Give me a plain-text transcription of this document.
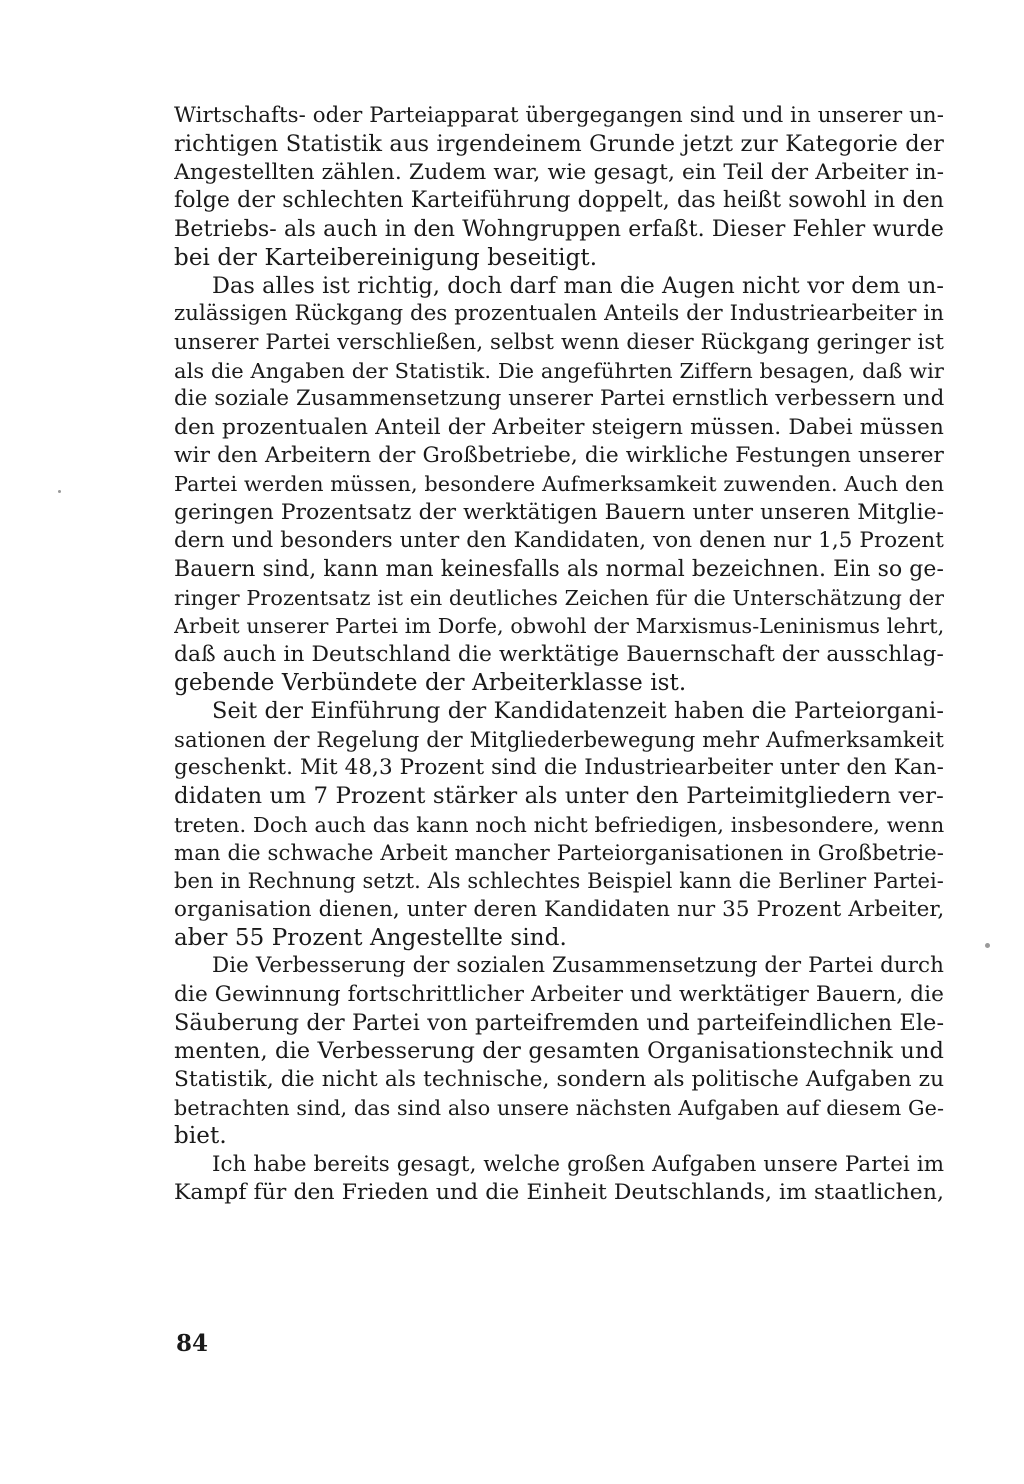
Wirtschafts- oder Parteiapparat übergegangen sind und in unserer un-
richtigen Statistik aus irgendeinem Grunde jetzt zur Kategorie der
Angestellten zählen. Zudem war, wie gesagt, ein Teil der Arbeiter in-
folge der schlechten Karteiführung doppelt, das heißt sowohl in den
Betriebs- als auch in den Wohngruppen erfaßt. Dieser Fehler wurde
bei der Karteibereinigung beseitigt.
Das alles ist richtig, doch darf man die Augen nicht vor dem un-
zulässigen Rückgang des prozentualen Anteils der Industriearbeiter in
unserer Partei verschließen, selbst wenn dieser Rückgang geringer ist
als die Angaben der Statistik. Die angeführten Ziffern besagen, daß wir
die soziale Zusammensetzung unserer Partei ernstlich verbessern und
den prozentualen Anteil der Arbeiter steigern müssen. Dabei müssen
wir den Arbeitern der Großbetriebe, die wirkliche Festungen unserer
Partei werden müssen, besondere Aufmerksamkeit zuwenden. Auch den
geringen Prozentsatz der werktätigen Bauern unter unseren Mitglie-
dern und besonders unter den Kandidaten, von denen nur 1,5 Prozent
Bauern sind, kann man keinesfalls als normal bezeichnen. Ein so ge-
ringer Prozentsatz ist ein deutliches Zeichen für die Unterschätzung der
Arbeit unserer Partei im Dorfe, obwohl der Marxismus-Leninismus lehrt,
daß auch in Deutschland die werktätige Bauernschaft der ausschlag-
gebende Verbündete der Arbeiterklasse ist.
Seit der Einführung der Kandidatenzeit haben die Parteiorgani-
sationen der Regelung der Mitgliederbewegung mehr Aufmerksamkeit
geschenkt. Mit 48,3 Prozent sind die Industriearbeiter unter den Kan-
didaten um 7 Prozent stärker als unter den Parteimitgliedern ver-
treten. Doch auch das kann noch nicht befriedigen, insbesondere, wenn
man die schwache Arbeit mancher Parteiorganisationen in Großbetrie-
ben in Rechnung setzt. Als schlechtes Beispiel kann die Berliner Partei-
organisation dienen, unter deren Kandidaten nur 35 Prozent Arbeiter,
aber 55 Prozent Angestellte sind.
Die Verbesserung der sozialen Zusammensetzung der Partei durch
die Gewinnung fortschrittlicher Arbeiter und werktätiger Bauern, die
Säuberung der Partei von parteifremden und parteifeindlichen Ele-
menten, die Verbesserung der gesamten Organisationstechnik und
Statistik, die nicht als technische, sondern als politische Aufgaben zu
betrachten sind, das sind also unsere nächsten Aufgaben auf diesem Ge-
biet.
Ich habe bereits gesagt, welche großen Aufgaben unsere Partei im
Kampf für den Frieden und die Einheit Deutschlands, im staatlichen,
84
